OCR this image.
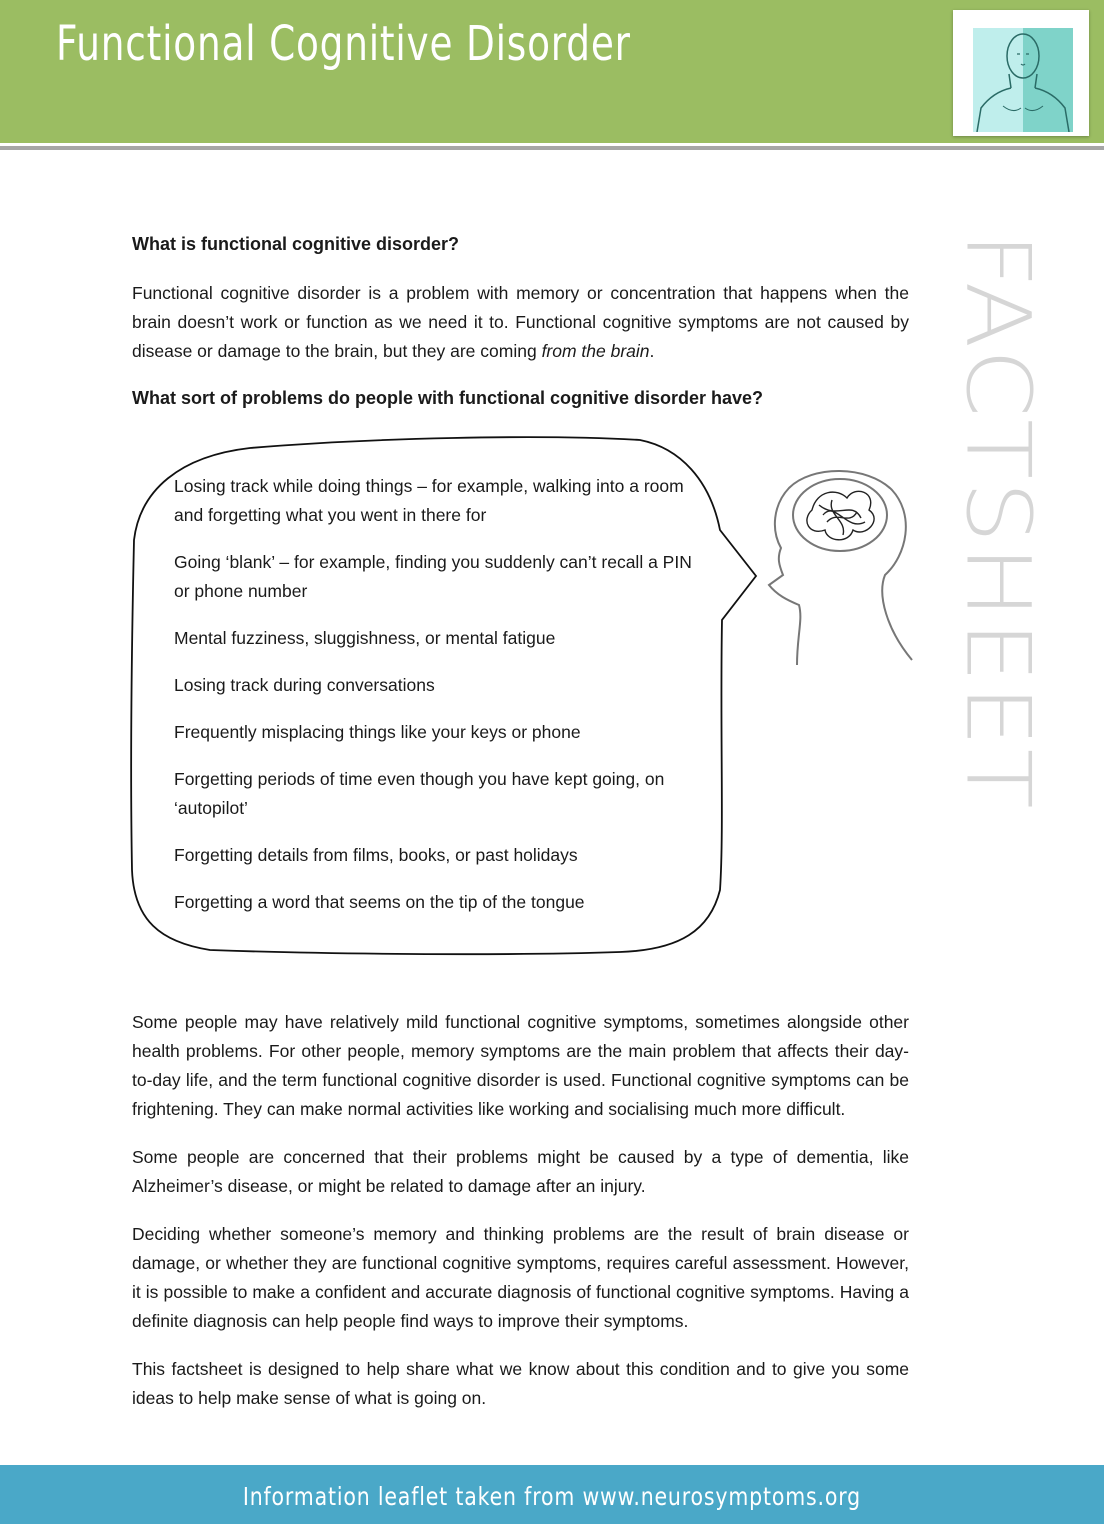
Functional Cognitive Disorder
FACTSHEET

What is functional cognitive disorder?

Functional cognitive disorder is a problem with memory or concentration that happens when the brain doesn’t work or function as we need it to. Functional cognitive symptoms are not caused by disease or damage to the brain, but they are coming from the brain.

What sort of problems do people with functional cognitive disorder have?

Losing track while doing things – for example, walking into a room and forgetting what you went in there for

Going ‘blank’ – for example, finding you suddenly can’t recall a PIN or phone number

Mental fuzziness, sluggishness, or mental fatigue

Losing track during conversations

Frequently misplacing things like your keys or phone

Forgetting periods of time even though you have kept going, on ‘autopilot’

Forgetting details from films, books, or past holidays

Forgetting a word that seems on the tip of the tongue

Some people may have relatively mild functional cognitive symptoms, sometimes alongside other health problems. For other people, memory symptoms are the main problem that affects their day-to-day life, and the term functional cognitive disorder is used. Functional cognitive symptoms can be frightening. They can make normal activities like working and socialising much more difficult.

Some people are concerned that their problems might be caused by a type of dementia, like Alzheimer’s disease, or might be related to damage after an injury.

Deciding whether someone’s memory and thinking problems are the result of brain disease or damage, or whether they are functional cognitive symptoms, requires careful assessment. However, it is possible to make a confident and accurate diagnosis of functional cognitive symptoms. Having a definite diagnosis can help people find ways to improve their symptoms.

This factsheet is designed to help share what we know about this condition and to give you some ideas to help make sense of what is going on.

Information leaflet taken from www.neurosymptoms.org
